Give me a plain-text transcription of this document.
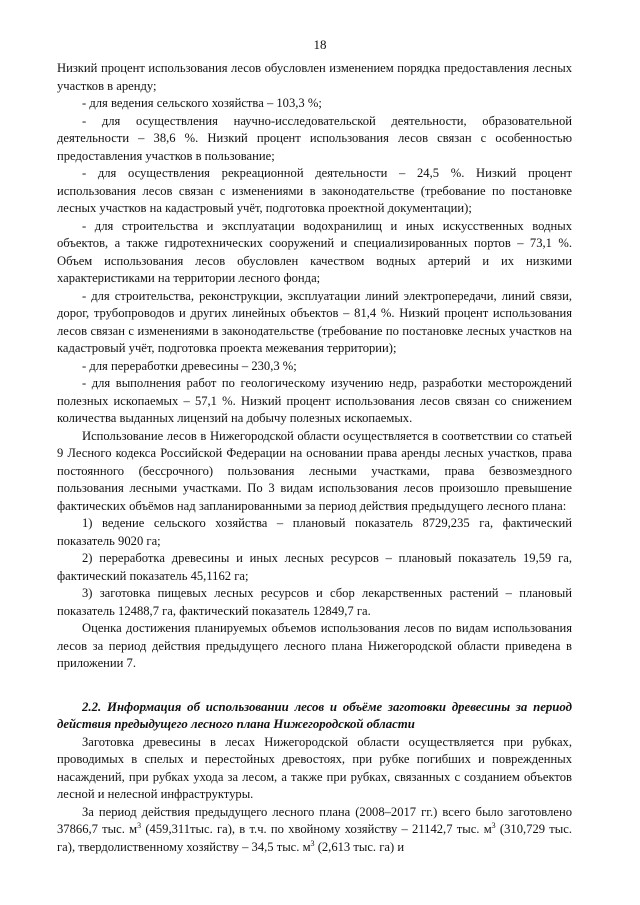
18

Низкий процент использования лесов обусловлен изменением порядка предоставления лесных участков в аренду;

- для ведения сельского хозяйства – 103,3 %;

- для осуществления научно-исследовательской деятельности, образовательной деятельности – 38,6 %. Низкий процент использования лесов связан с особенностью предоставления участков в пользование;

- для осуществления рекреационной деятельности – 24,5 %. Низкий процент использования лесов связан с изменениями в законодательстве (требование по постановке лесных участков на кадастровый учёт, подготовка проектной документации);

- для строительства и эксплуатации водохранилищ и иных искусственных водных объектов, а также гидротехнических сооружений и специализированных портов – 73,1 %. Объем использования лесов обусловлен качеством водных артерий и их низкими характеристиками на территории лесного фонда;

- для строительства, реконструкции, эксплуатации линий электропередачи, линий связи, дорог, трубопроводов и других линейных объектов – 81,4 %. Низкий процент использования лесов связан с изменениями в законодательстве (требование по постановке лесных участков на кадастровый учёт, подготовка проекта межевания территории);

- для переработки древесины – 230,3 %;

- для выполнения работ по геологическому изучению недр, разработки месторождений полезных ископаемых – 57,1 %. Низкий процент использования лесов связан со снижением количества выданных лицензий на добычу полезных ископаемых.

Использование лесов в Нижегородской области осуществляется в соответствии со статьей 9 Лесного кодекса Российской Федерации на основании права аренды лесных участков, права постоянного (бессрочного) пользования лесными участками, права безвозмездного пользования лесными участками. По 3 видам использования лесов произошло превышение фактических объёмов над запланированными за период действия предыдущего лесного плана:

1) ведение сельского хозяйства – плановый показатель 8729,235 га, фактический показатель 9020 га;

2) переработка древесины и иных лесных ресурсов – плановый показатель 19,59 га, фактический показатель 45,1162 га;

3) заготовка пищевых лесных ресурсов и сбор лекарственных растений – плановый показатель 12488,7 га, фактический показатель 12849,7 га.

Оценка достижения планируемых объемов использования лесов по видам использования лесов за период действия предыдущего лесного плана Нижегородской области приведена в приложении 7.

2.2. Информация об использовании лесов и объёме заготовки древесины за период действия предыдущего лесного плана Нижегородской области

Заготовка древесины в лесах Нижегородской области осуществляется при рубках, проводимых в спелых и перестойных древостоях, при рубке погибших и поврежденных насаждений, при рубках ухода за лесом, а также при рубках, связанных с созданием объектов лесной и нелесной инфраструктуры.

За период действия предыдущего лесного плана (2008–2017 гг.) всего было заготовлено 37866,7 тыс. $м^3$ (459,311тыс. га), в т.ч. по хвойному хозяйству – 21142,7 тыс. $м^3$ (310,729 тыс. га), твердолиственному хозяйству – 34,5 тыс. $м^3$ (2,613 тыс. га) и
